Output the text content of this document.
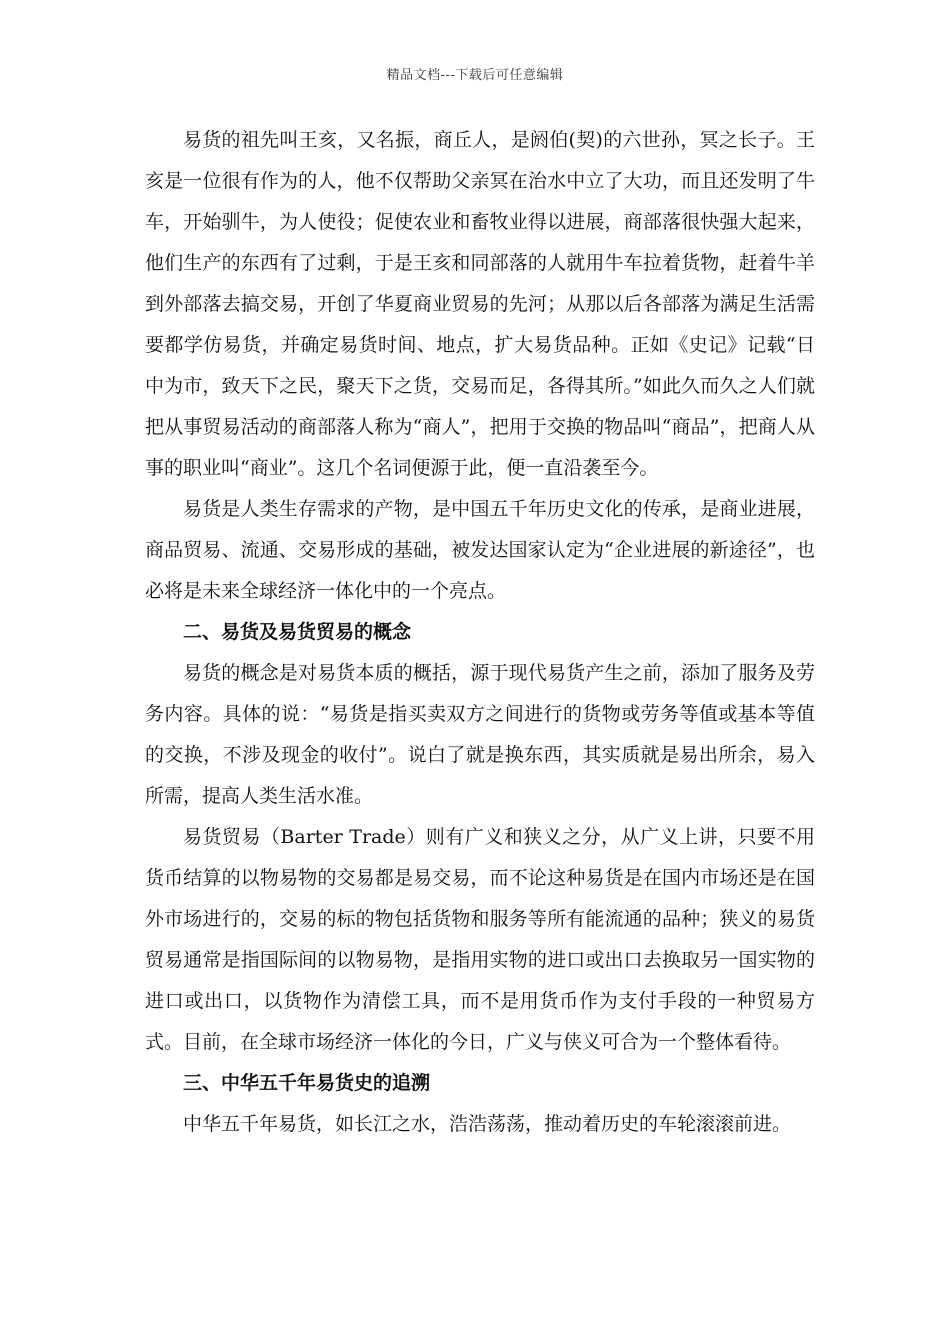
精品文档---下载后可任意编辑

易货的祖先叫王亥，又名振，商丘人，是阏伯(契)的六世孙，冥之长子。王亥是一位很有作为的人，他不仅帮助父亲冥在治水中立了大功，而且还发明了牛车，开始驯牛，为人使役；促使农业和畜牧业得以进展，商部落很快强大起来，他们生产的东西有了过剩，于是王亥和同部落的人就用牛车拉着货物，赶着牛羊到外部落去搞交易，开创了华夏商业贸易的先河；从那以后各部落为满足生活需要都学仿易货，并确定易货时间、地点，扩大易货品种。正如《史记》记载“日中为市，致天下之民，聚天下之货，交易而足，各得其所。”如此久而久之人们就把从事贸易活动的商部落人称为“商人”，把用于交换的物品叫“商品”，把商人从事的职业叫“商业”。这几个名词便源于此，便一直沿袭至今。

易货是人类生存需求的产物，是中国五千年历史文化的传承，是商业进展，商品贸易、流通、交易形成的基础，被发达国家认定为“企业进展的新途径”，也必将是未来全球经济一体化中的一个亮点。

二、易货及易货贸易的概念

易货的概念是对易货本质的概括，源于现代易货产生之前，添加了服务及劳务内容。具体的说：“易货是指买卖双方之间进行的货物或劳务等值或基本等值的交换，不涉及现金的收付”。说白了就是换东西，其实质就是易出所余，易入所需，提高人类生活水准。

易货贸易（Barter Trade）则有广义和狭义之分，从广义上讲，只要不用货币结算的以物易物的交易都是易交易，而不论这种易货是在国内市场还是在国外市场进行的，交易的标的物包括货物和服务等所有能流通的品种；狭义的易货贸易通常是指国际间的以物易物，是指用实物的进口或出口去换取另一国实物的进口或出口，以货物作为清偿工具，而不是用货币作为支付手段的一种贸易方式。目前，在全球市场经济一体化的今日，广义与侠义可合为一个整体看待。

三、中华五千年易货史的追溯

中华五千年易货，如长江之水，浩浩荡荡，推动着历史的车轮滚滚前进。
